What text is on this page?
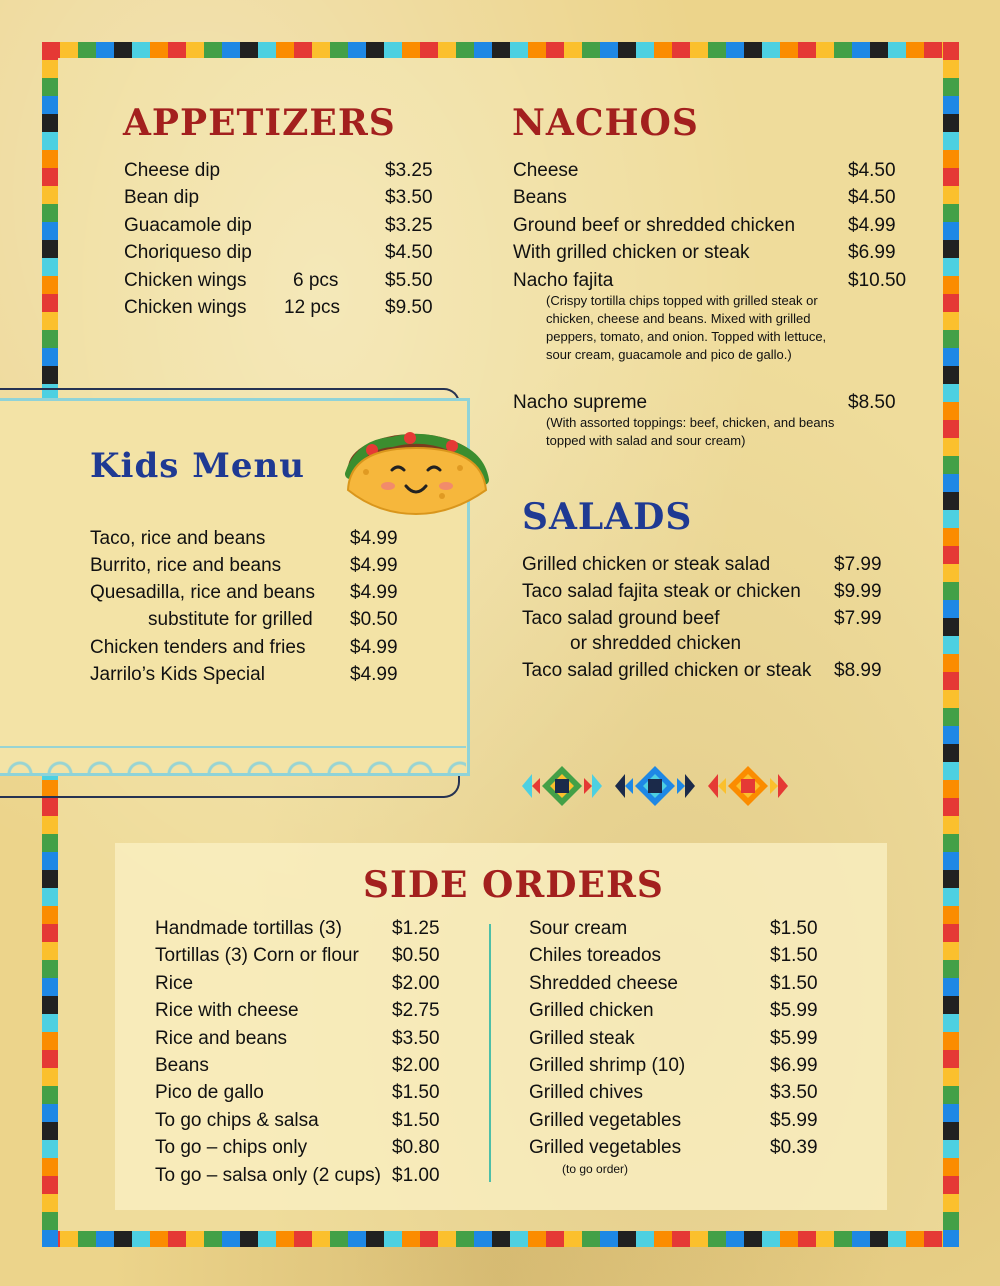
APPETIZERS
Cheese dip	$3.25
Bean dip	$3.50
Guacamole dip	$3.25
Choriqueso dip	$4.50
Chicken wings 6 pcs $5.50
Chicken wings 12 pcs $9.50
NACHOS
Cheese	$4.50
Beans	$4.50
Ground beef or shredded chicken	$4.99
With grilled chicken or steak	$6.99
Nacho fajita	$10.50
(Crispy tortilla chips topped with grilled steak or chicken, cheese and beans. Mixed with grilled peppers, tomato, and onion. Topped with lettuce, sour cream, guacamole and pico de gallo.)
Nacho supreme	$8.50
(With assorted toppings: beef, chicken, and beans topped with salad and sour cream)
Kids Menu
Taco, rice and beans	$4.99
Burrito, rice and beans	$4.99
Quesadilla, rice and beans $4.99
substitute for grilled $0.50
Chicken tenders and fries $4.99
Jarrilo’s Kids Special	$4.99
SALADS
Grilled chicken or steak salad	$7.99
Taco salad fajita steak or chicken $9.99
Taco salad ground beef	$7.99
or shredded chicken
Taco salad grilled chicken or steak $8.99
SIDE ORDERS
Handmade tortillas (3)	$1.25
Tortillas (3) Corn or flour $0.50
Rice	$2.00
Rice with cheese	$2.75
Rice and beans	$3.50
Beans	$2.00
Pico de gallo	$1.50
To go chips & salsa	$1.50
To go – chips only	$0.80
To go – salsa only (2 cups) $1.00
Sour cream	$1.50
Chiles toreados	$1.50
Shredded cheese	$1.50
Grilled chicken	$5.99
Grilled steak	$5.99
Grilled shrimp (10)	$6.99
Grilled chives	$3.50
Grilled vegetables	$5.99
Grilled vegetables	$0.39
(to go order)
